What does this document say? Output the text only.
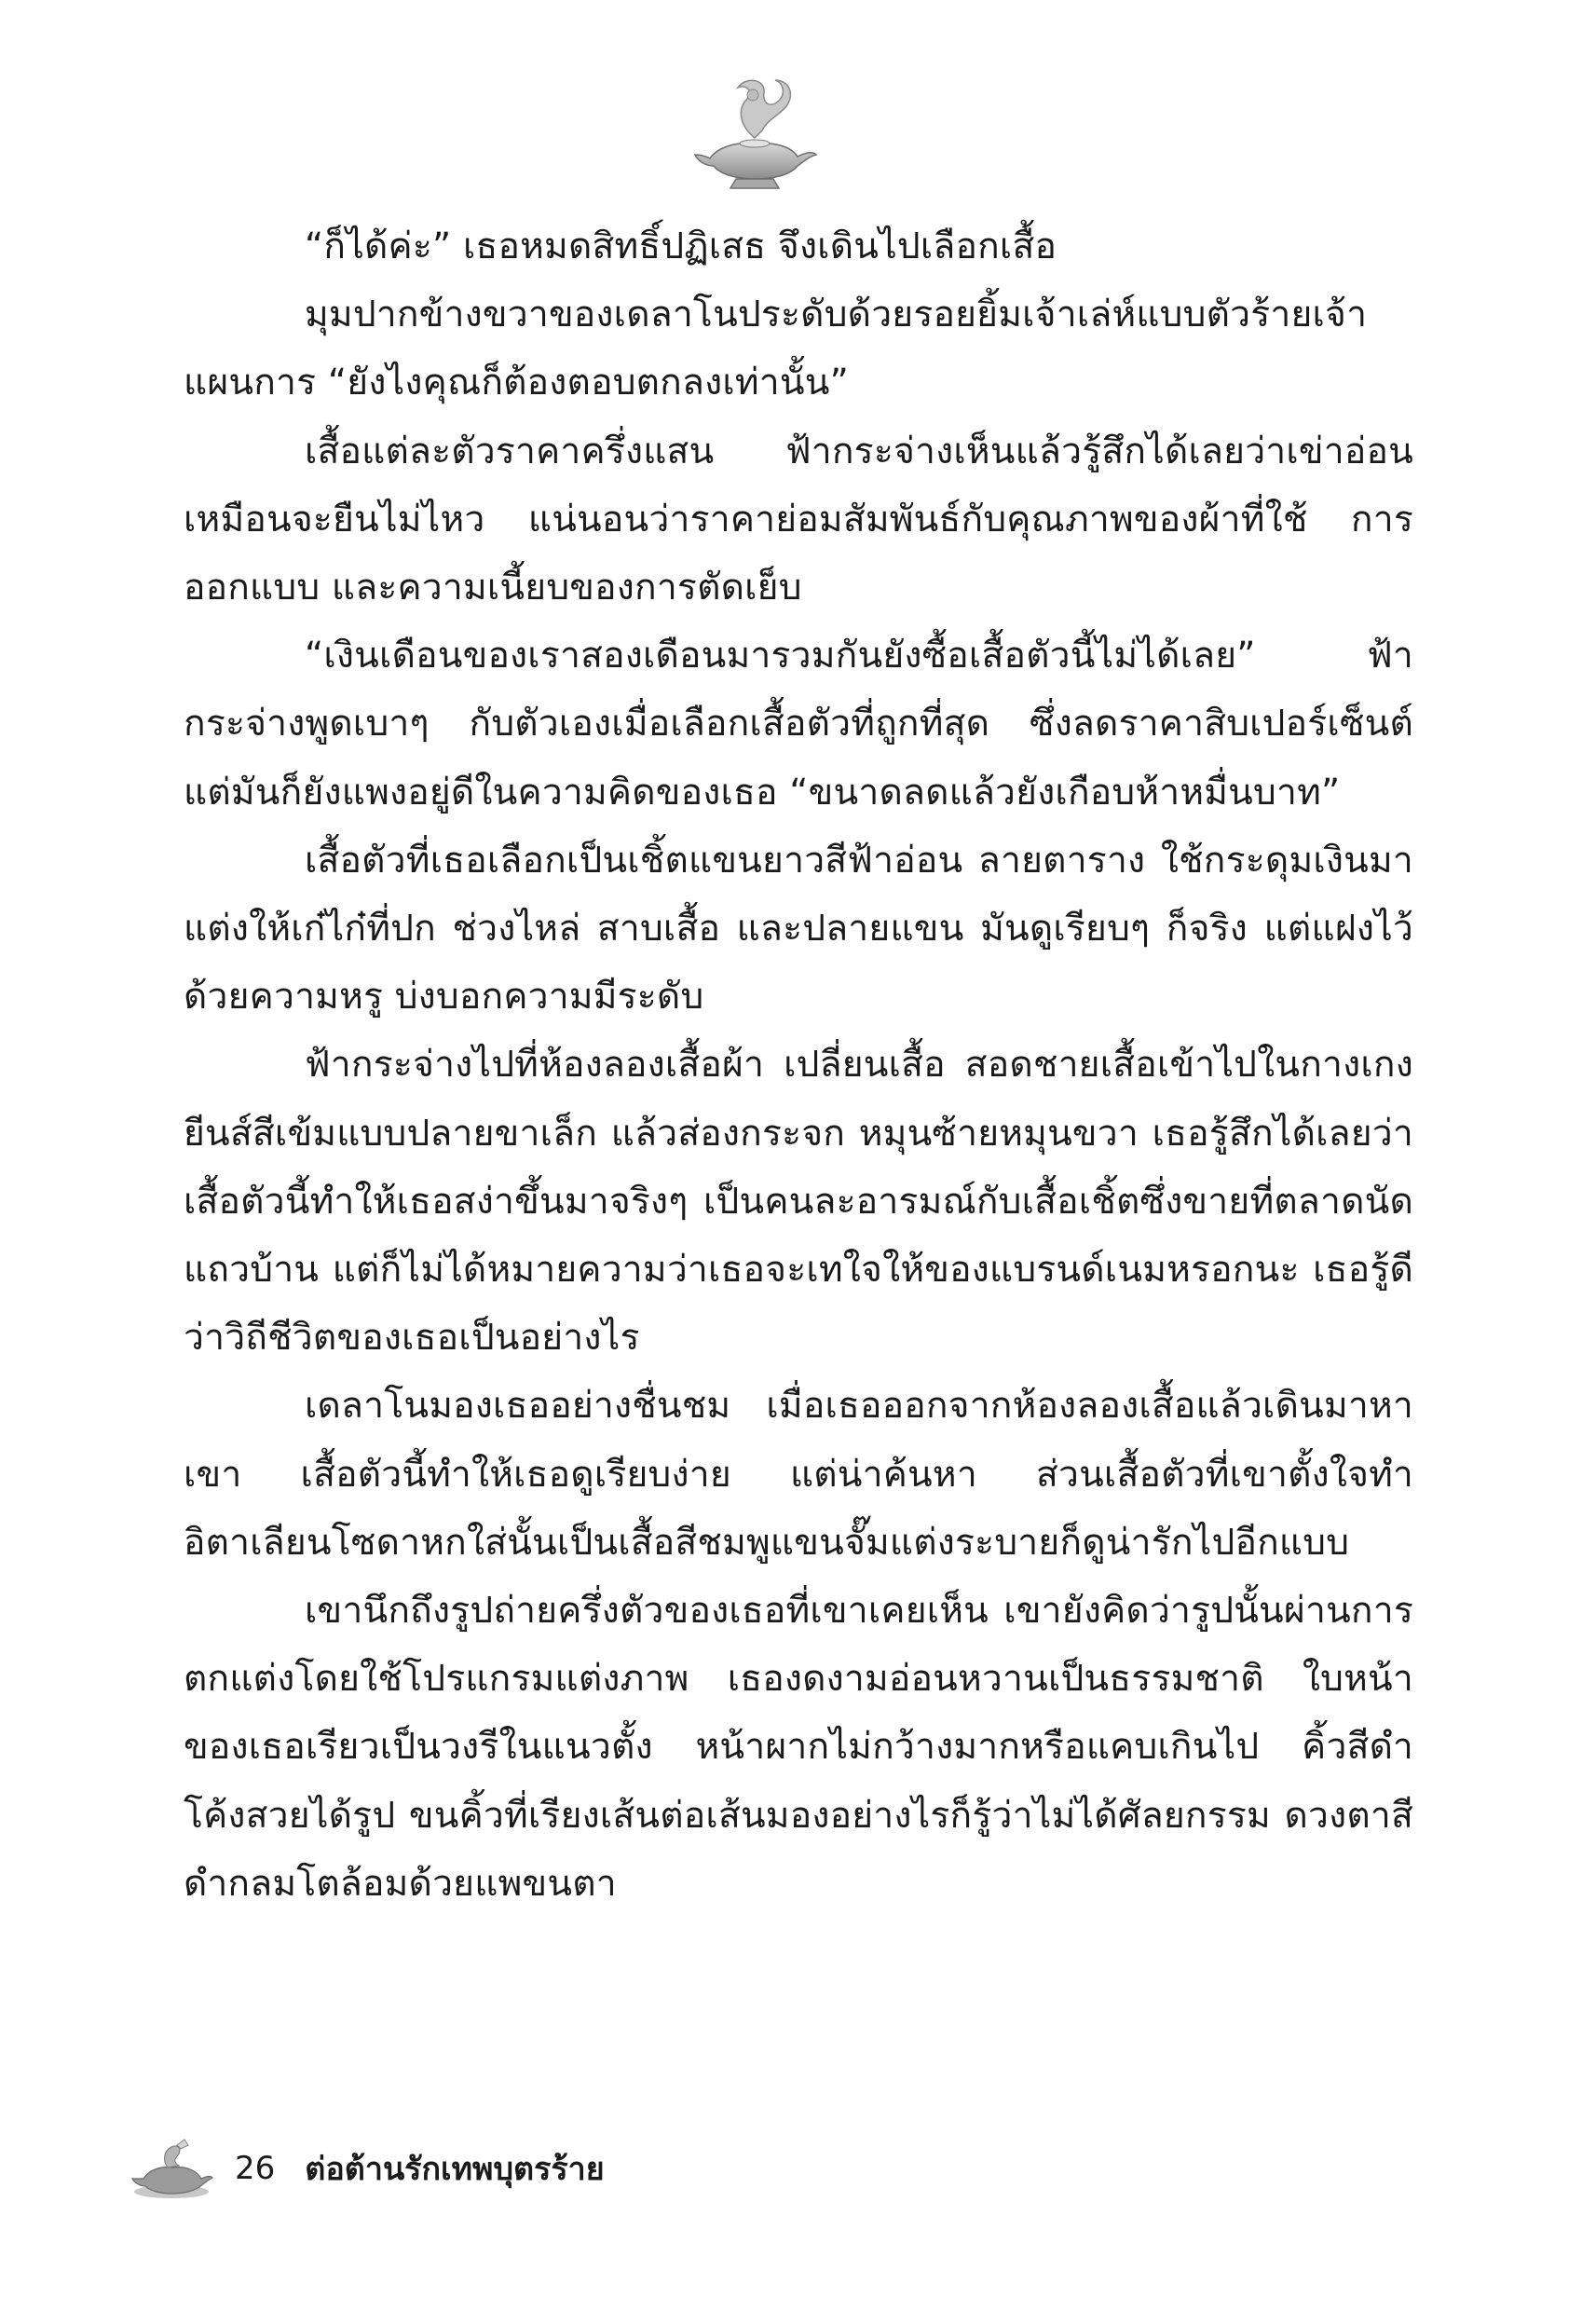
“ก็ได้ค่ะ” เธอหมดสิทธิ์ปฏิเสธ จึงเดินไปเลือกเสื้อ

มุมปากข้างขวาของเดลาโนประดับด้วยรอยยิ้มเจ้าเล่ห์แบบตัวร้ายเจ้าแผนการ “ยังไงคุณก็ต้องตอบตกลงเท่านั้น”

เสื้อแต่ละตัวราคาครึ่งแสน ฟ้ากระจ่างเห็นแล้วรู้สึกได้เลยว่าเข่าอ่อน เหมือนจะยืนไม่ไหว แน่นอนว่าราคาย่อมสัมพันธ์กับคุณภาพของผ้าที่ใช้ การออกแบบ และความเนี้ยบของการตัดเย็บ

“เงินเดือนของเราสองเดือนมารวมกันยังซื้อเสื้อตัวนี้ไม่ได้เลย” ฟ้ากระจ่างพูดเบาๆ กับตัวเองเมื่อเลือกเสื้อตัวที่ถูกที่สุด ซึ่งลดราคาสิบเปอร์เซ็นต์ แต่มันก็ยังแพงอยู่ดีในความคิดของเธอ “ขนาดลดแล้วยังเกือบห้าหมื่นบาท”

เสื้อตัวที่เธอเลือกเป็นเชิ้ตแขนยาวสีฟ้าอ่อน ลายตาราง ใช้กระดุมเงินมาแต่งให้เก๋ไก๋ที่ปก ช่วงไหล่ สาบเสื้อ และปลายแขน มันดูเรียบๆ ก็จริง แต่แฝงไว้ด้วยความหรู บ่งบอกความมีระดับ

ฟ้ากระจ่างไปที่ห้องลองเสื้อผ้า เปลี่ยนเสื้อ สอดชายเสื้อเข้าไปในกางเกงยีนส์สีเข้มแบบปลายขาเล็ก แล้วส่องกระจก หมุนซ้ายหมุนขวา เธอรู้สึกได้เลยว่าเสื้อตัวนี้ทำให้เธอสง่าขึ้นมาจริงๆ เป็นคนละอารมณ์กับเสื้อเชิ้ตซึ่งขายที่ตลาดนัดแถวบ้าน แต่ก็ไม่ได้หมายความว่าเธอจะเทใจให้ของแบรนด์เนมหรอกนะ เธอรู้ดีว่าวิถีชีวิตของเธอเป็นอย่างไร

เดลาโนมองเธออย่างชื่นชม เมื่อเธอออกจากห้องลองเสื้อแล้วเดินมาหาเขา เสื้อตัวนี้ทำให้เธอดูเรียบง่าย แต่น่าค้นหา ส่วนเสื้อตัวที่เขาตั้งใจทำอิตาเลียนโซดาหกใส่นั้นเป็นเสื้อสีชมพูแขนจั๊มแต่งระบายก็ดูน่ารักไปอีกแบบ

เขานึกถึงรูปถ่ายครึ่งตัวของเธอที่เขาเคยเห็น เขายังคิดว่ารูปนั้นผ่านการตกแต่งโดยใช้โปรแกรมแต่งภาพ เธองดงามอ่อนหวานเป็นธรรมชาติ ใบหน้าของเธอเรียวเป็นวงรีในแนวตั้ง หน้าผากไม่กว้างมากหรือแคบเกินไป คิ้วสีดำโค้งสวยได้รูป ขนคิ้วที่เรียงเส้นต่อเส้นมองอย่างไรก็รู้ว่าไม่ได้ศัลยกรรม ดวงตาสีดำกลมโตล้อมด้วยแพขนตา

26 ต่อต้านรักเทพบุตรร้าย
